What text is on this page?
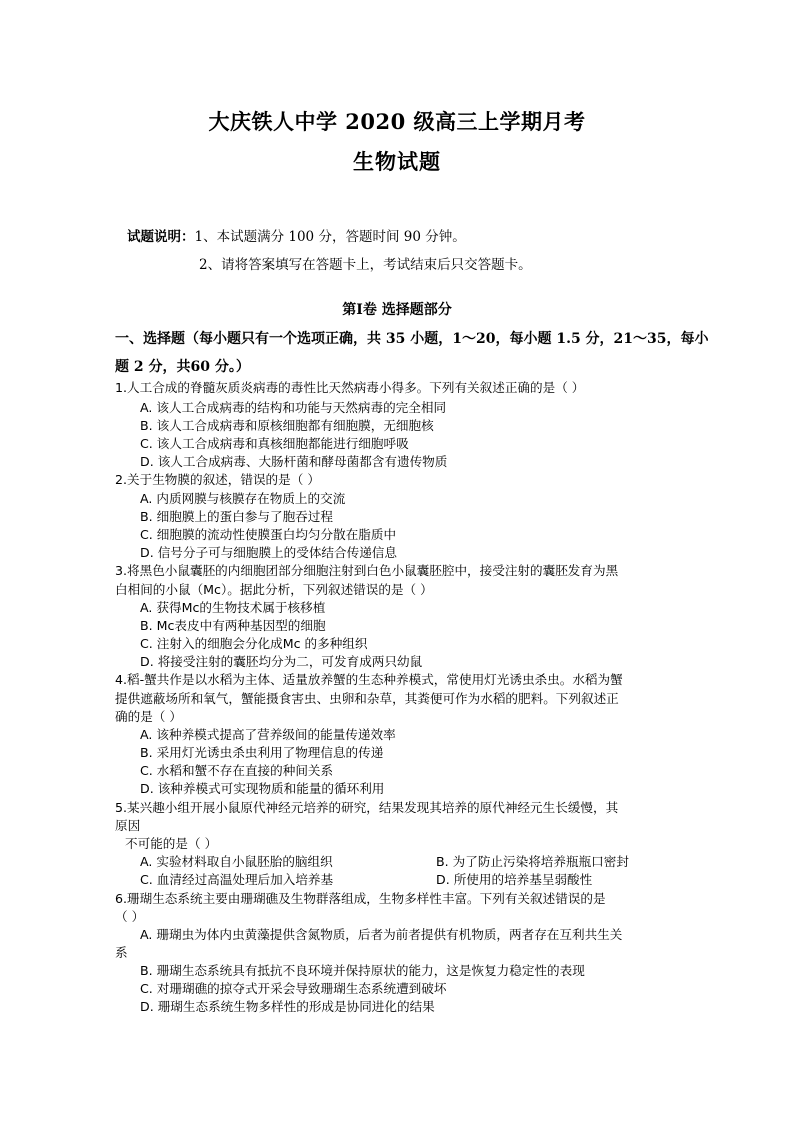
大庆铁人中学 2020 级高三上学期月考
生物试题
试题说明：1、本试题满分 100 分，答题时间 90 分钟。
2、请将答案填写在答题卡上，考试结束后只交答题卡。
第Ⅰ卷 选择题部分
一、选择题（每小题只有一个选项正确，共 35 小题，1～20，每小题 1.5 分，21～35，每小
题 2 分，共60 分。）
1.人工合成的脊髓灰质炎病毒的毒性比天然病毒小得多。下列有关叙述正确的是（ ）
A. 该人工合成病毒的结构和功能与天然病毒的完全相同
B. 该人工合成病毒和原核细胞都有细胞膜，无细胞核
C. 该人工合成病毒和真核细胞都能进行细胞呼吸
D. 该人工合成病毒、大肠杆菌和酵母菌都含有遗传物质
2.关于生物膜的叙述，错误的是（ ）
A. 内质网膜与核膜存在物质上的交流
B. 细胞膜上的蛋白参与了胞吞过程
C. 细胞膜的流动性使膜蛋白均匀分散在脂质中
D. 信号分子可与细胞膜上的受体结合传递信息
3.将黑色小鼠囊胚的内细胞团部分细胞注射到白色小鼠囊胚腔中，接受注射的囊胚发育为黑
白相间的小鼠（Mc）。据此分析，下列叙述错误的是（ ）
A. 获得Mc的生物技术属于核移植
B. Mc表皮中有两种基因型的细胞
C. 注射入的细胞会分化成Mc 的多种组织
D. 将接受注射的囊胚均分为二，可发育成两只幼鼠
4.稻-蟹共作是以水稻为主体、适量放养蟹的生态种养模式，常使用灯光诱虫杀虫。水稻为蟹
提供遮蔽场所和氧气，蟹能摄食害虫、虫卵和杂草，其粪便可作为水稻的肥料。下列叙述正
确的是（ ）
A. 该种养模式提高了营养级间的能量传递效率
B. 采用灯光诱虫杀虫利用了物理信息的传递
C. 水稻和蟹不存在直接的种间关系
D. 该种养模式可实现物质和能量的循环利用
5.某兴趣小组开展小鼠原代神经元培养的研究，结果发现其培养的原代神经元生长缓慢，其
原因
不可能的是（ ）
A. 实验材料取自小鼠胚胎的脑组织	B. 为了防止污染将培养瓶瓶口密封
C. 血清经过高温处理后加入培养基	D. 所使用的培养基呈弱酸性
6.珊瑚生态系统主要由珊瑚礁及生物群落组成，生物多样性丰富。下列有关叙述错误的是
（ ）
A. 珊瑚虫为体内虫黄藻提供含氮物质，后者为前者提供有机物质，两者存在互利共生关
系
B. 珊瑚生态系统具有抵抗不良环境并保持原状的能力，这是恢复力稳定性的表现
C. 对珊瑚礁的掠夺式开采会导致珊瑚生态系统遭到破坏
D. 珊瑚生态系统生物多样性的形成是协同进化的结果
